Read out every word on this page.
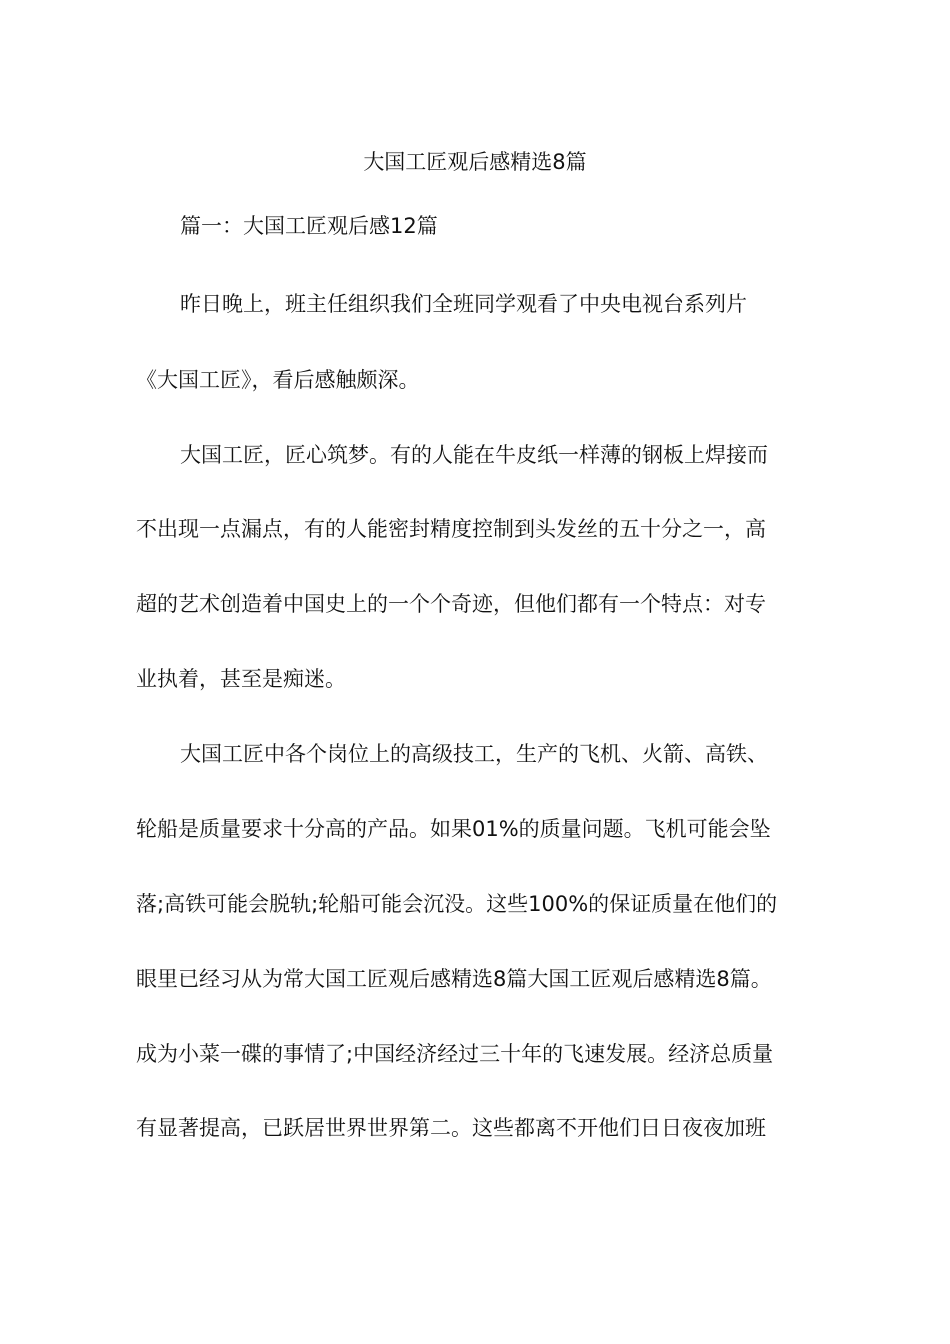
大国工匠观后感精选8篇
篇一：大国工匠观后感12篇
昨日晚上，班主任组织我们全班同学观看了中央电视台系列片
《大国工匠》，看后感触颇深。
大国工匠，匠心筑梦。有的人能在牛皮纸一样薄的钢板上焊接而
不出现一点漏点，有的人能密封精度控制到头发丝的五十分之一，高
超的艺术创造着中国史上的一个个奇迹，但他们都有一个特点：对专
业执着，甚至是痴迷。
大国工匠中各个岗位上的高级技工，生产的飞机、火箭、高铁、
轮船是质量要求十分高的产品。如果01%的质量问题。飞机可能会坠
落;高铁可能会脱轨;轮船可能会沉没。这些100%的保证质量在他们的
眼里已经习从为常大国工匠观后感精选8篇大国工匠观后感精选8篇。
成为小菜一碟的事情了;中国经济经过三十年的飞速发展。经济总质量
有显著提高，已跃居世界世界第二。这些都离不开他们日日夜夜加班
